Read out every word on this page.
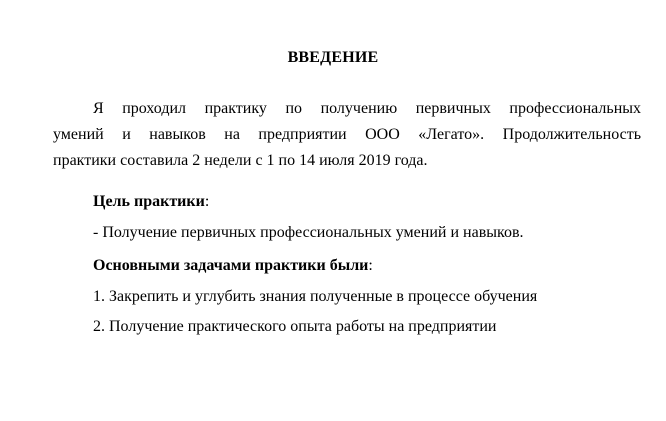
ВВЕДЕНИЕ
Я проходил практику по получению первичных профессиональных
умений и навыков на предприятии ООО «Легато». Продолжительность
практики составила 2 недели с 1 по 14 июля 2019 года.
Цель практики:
- Получение первичных профессиональных умений и навыков.
Основными задачами практики были:
1. Закрепить и углубить знания полученные в процессе обучения
2. Получение практического опыта работы на предприятии
